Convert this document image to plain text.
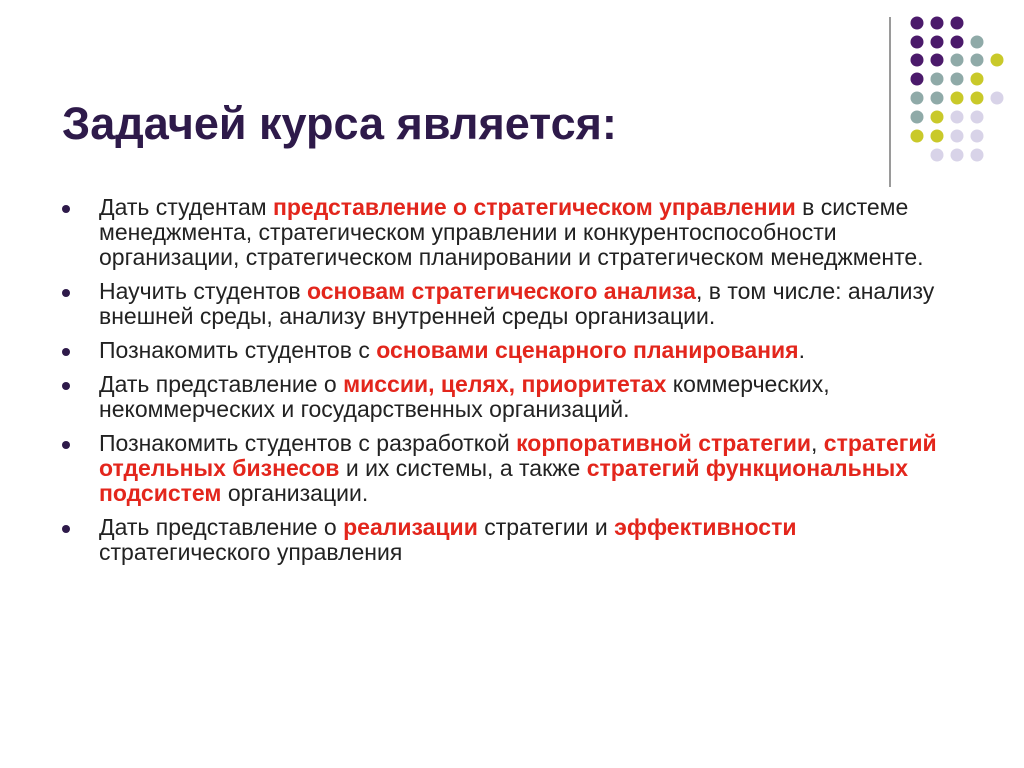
Задачей курса является:
Дать студентам представление о стратегическом управлении в системе менеджмента, стратегическом управлении и конкурентоспособности организации, стратегическом планировании и стратегическом менеджменте.
Научить студентов основам стратегического анализа, в том числе: анализу внешней среды, анализу внутренней среды организации.
Познакомить студентов с основами сценарного планирования.
Дать представление о миссии, целях, приоритетах коммерческих, некоммерческих и государственных организаций.
Познакомить студентов с разработкой корпоративной стратегии, стратегий отдельных бизнесов и их системы, а также стратегий функциональных подсистем организации.
Дать представление о реализации стратегии и эффективности стратегического управления
